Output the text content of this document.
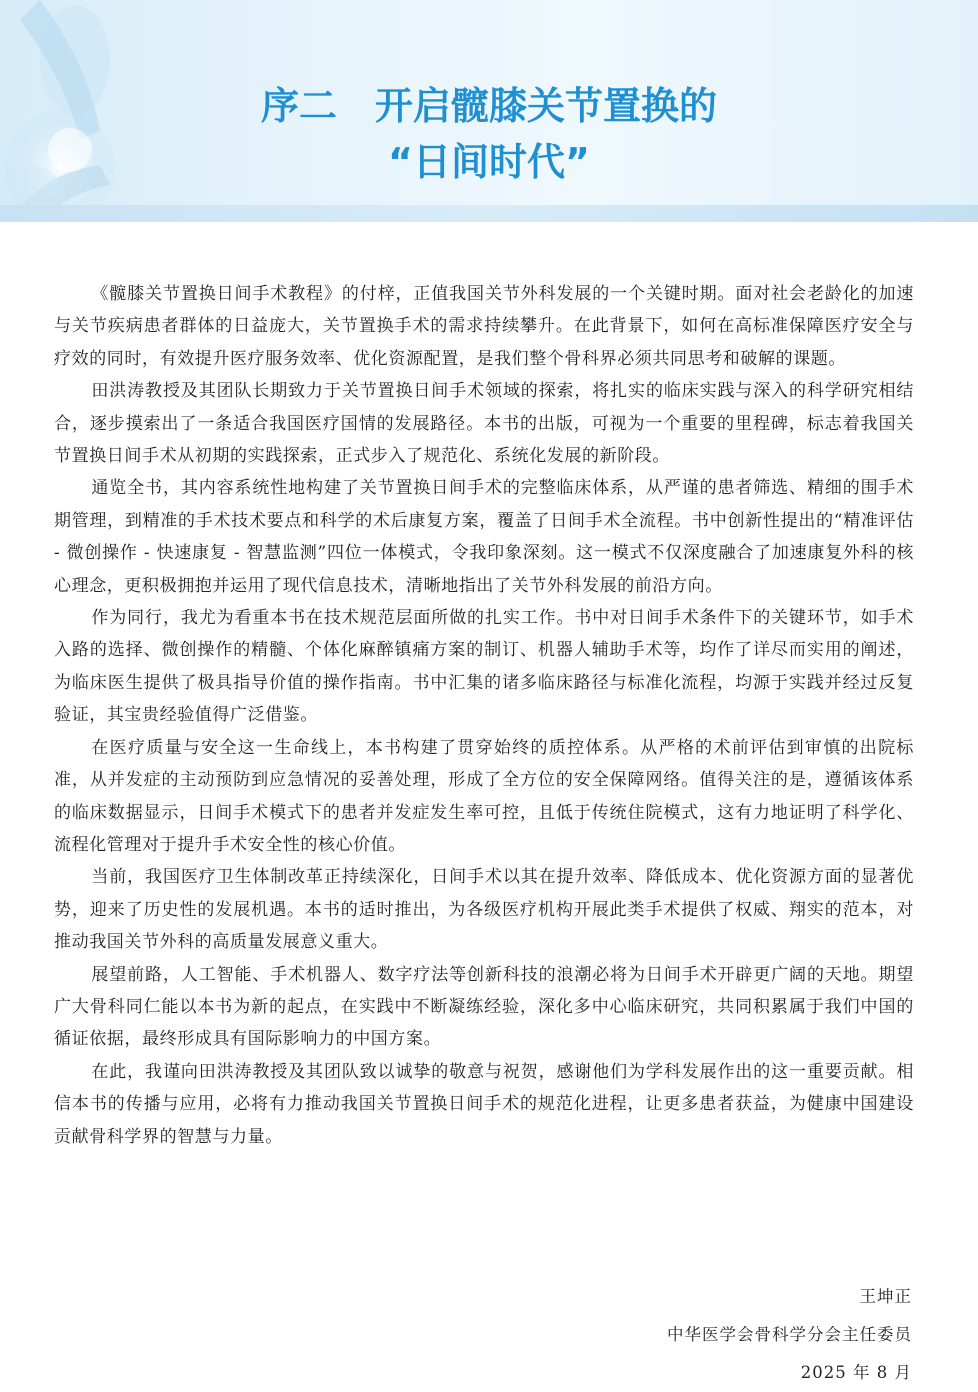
序二 开启髋膝关节置换的
“日间时代”

《髋膝关节置换日间手术教程》的付梓，正值我国关节外科发展的一个关键时期。面对社会老龄化的加速与关节疾病患者群体的日益庞大，关节置换手术的需求持续攀升。在此背景下，如何在高标准保障医疗安全与疗效的同时，有效提升医疗服务效率、优化资源配置，是我们整个骨科界必须共同思考和破解的课题。

田洪涛教授及其团队长期致力于关节置换日间手术领域的探索，将扎实的临床实践与深入的科学研究相结合，逐步摸索出了一条适合我国医疗国情的发展路径。本书的出版，可视为一个重要的里程碑，标志着我国关节置换日间手术从初期的实践探索，正式步入了规范化、系统化发展的新阶段。

通览全书，其内容系统性地构建了关节置换日间手术的完整临床体系，从严谨的患者筛选、精细的围手术期管理，到精准的手术技术要点和科学的术后康复方案，覆盖了日间手术全流程。书中创新性提出的“精准评估 - 微创操作 - 快速康复 - 智慧监测”四位一体模式，令我印象深刻。这一模式不仅深度融合了加速康复外科的核心理念，更积极拥抱并运用了现代信息技术，清晰地指出了关节外科发展的前沿方向。

作为同行，我尤为看重本书在技术规范层面所做的扎实工作。书中对日间手术条件下的关键环节，如手术入路的选择、微创操作的精髓、个体化麻醉镇痛方案的制订、机器人辅助手术等，均作了详尽而实用的阐述，为临床医生提供了极具指导价值的操作指南。书中汇集的诸多临床路径与标准化流程，均源于实践并经过反复验证，其宝贵经验值得广泛借鉴。

在医疗质量与安全这一生命线上，本书构建了贯穿始终的质控体系。从严格的术前评估到审慎的出院标准，从并发症的主动预防到应急情况的妥善处理，形成了全方位的安全保障网络。值得关注的是，遵循该体系的临床数据显示，日间手术模式下的患者并发症发生率可控，且低于传统住院模式，这有力地证明了科学化、流程化管理对于提升手术安全性的核心价值。

当前，我国医疗卫生体制改革正持续深化，日间手术以其在提升效率、降低成本、优化资源方面的显著优势，迎来了历史性的发展机遇。本书的适时推出，为各级医疗机构开展此类手术提供了权威、翔实的范本，对推动我国关节外科的高质量发展意义重大。

展望前路，人工智能、手术机器人、数字疗法等创新科技的浪潮必将为日间手术开辟更广阔的天地。期望广大骨科同仁能以本书为新的起点，在实践中不断凝练经验，深化多中心临床研究，共同积累属于我们中国的循证依据，最终形成具有国际影响力的中国方案。

在此，我谨向田洪涛教授及其团队致以诚挚的敬意与祝贺，感谢他们为学科发展作出的这一重要贡献。相信本书的传播与应用，必将有力推动我国关节置换日间手术的规范化进程，让更多患者获益，为健康中国建设贡献骨科学界的智慧与力量。

王坤正
中华医学会骨科学分会主任委员
2025 年 8 月
